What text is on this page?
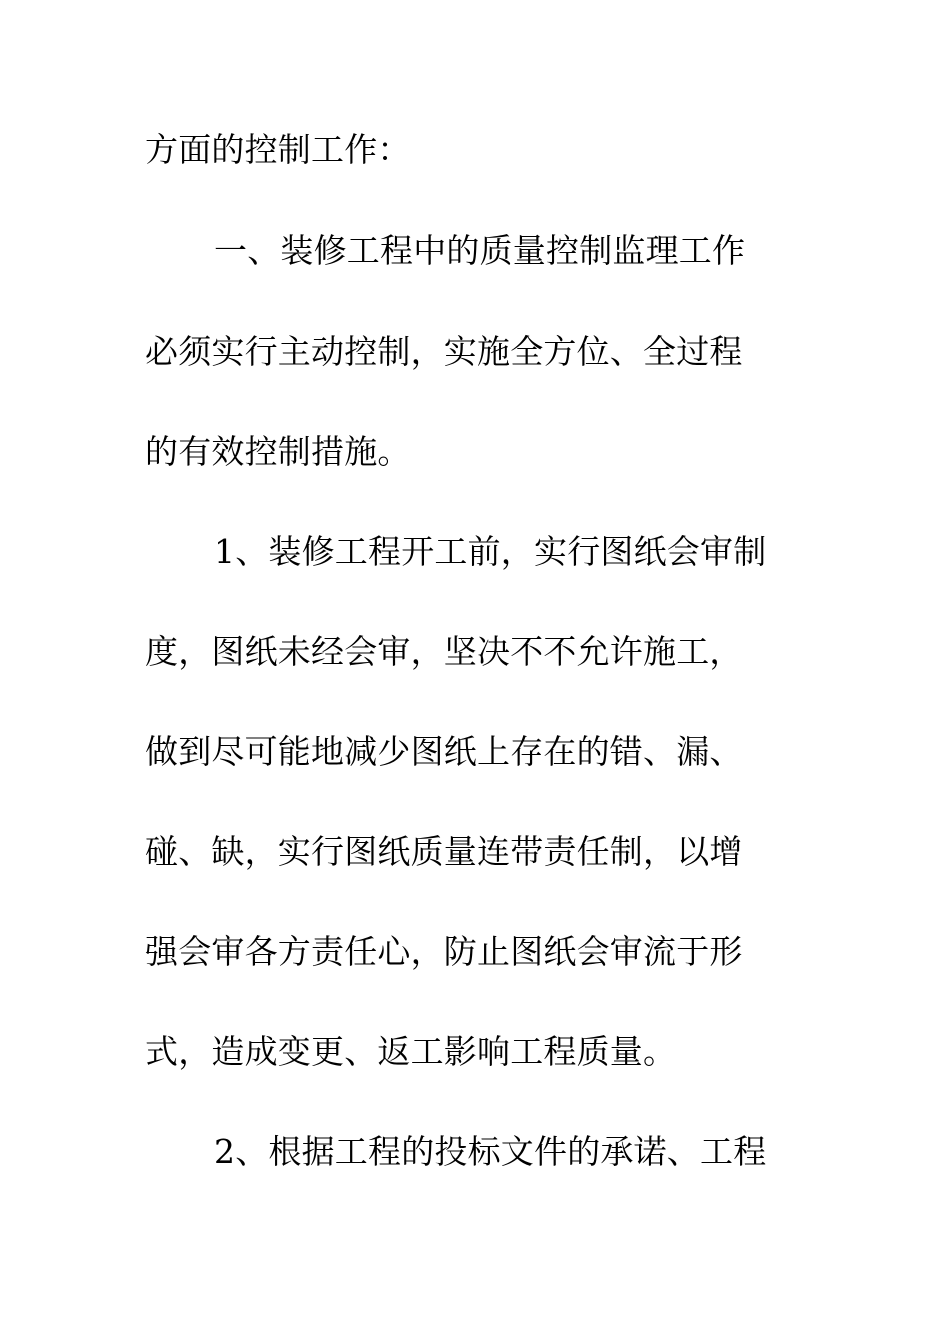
方面的控制工作：
一、装修工程中的质量控制监理工作
必须实行主动控制，实施全方位、全过程
的有效控制措施。
1、装修工程开工前，实行图纸会审制
度，图纸未经会审，坚决不不允许施工，
做到尽可能地减少图纸上存在的错、漏、
碰、缺，实行图纸质量连带责任制，以增
强会审各方责任心，防止图纸会审流于形
式，造成变更、返工影响工程质量。
2、根据工程的投标文件的承诺、工程
